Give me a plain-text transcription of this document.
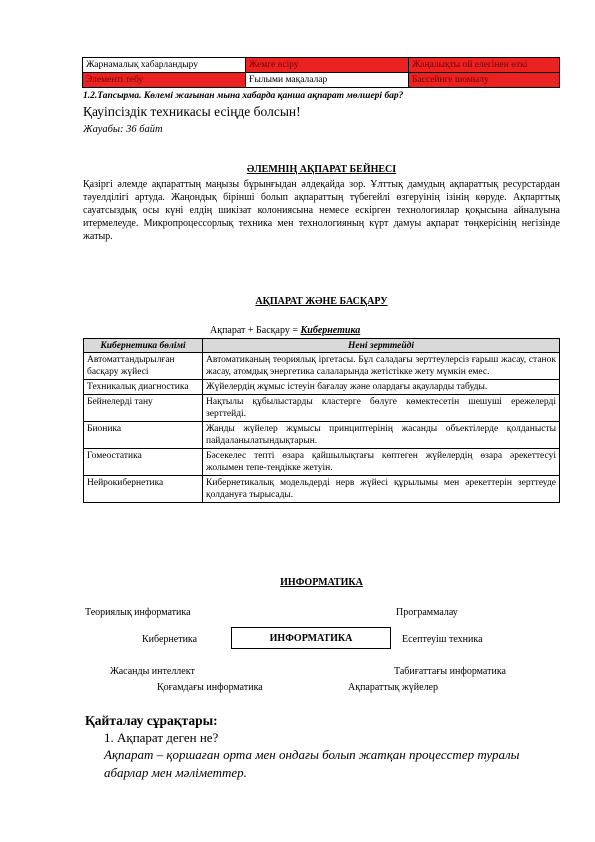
Жарнамалық хабарландыру	Жемге өсіру	Жаңалықты ой елегінен өткі
Элементі тебу	Ғылыми мақалалар	Бассейнге шомылу
1.2.Тапсырма. Көлемі жағынан мына хабарда қанша ақпарат мөлшері бар?
Қауіпсіздік техникасы есіңде болсын!
Жауабы: 36 байт
ӘЛЕМНІҢ АҚПАРАТ БЕЙНЕСІ
Қазіргі әлемде ақпараттың маңызы бұрынғыдан әлдеқайда зор. Ұлттық дамудың ақпараттық ресурстардан тәуелділігі артуда. Жаңондық бірінші болып ақпараттың түбегейлі өзгеруінің ізінің көруде. Ақпарттық сауатсыздық осы күні елдің шикізат колониясына немесе ескірген технологиялар қоқысына айналуына итермелеуде. Микропроцессорлық техника мен технологияның күрт дамуы ақпарат төңкерісінің негізінде жатыр.
АҚПАРАТ ЖӘНЕ БАСҚАРУ
Ақпарат + Басқару = Кибернетика
Кибернетика бөлімі	Нені зерттейді
Автоматтандырылған басқару жүйесі	Автоматиканың теориялық іргетасы. Бұл саладағы зерттеулерсіз ғарыш жасау, станок жасау, атомдық энергетика салаларында жетістікке жету мүмкін емес.
Техникалық диагностика	Жүйелердің жұмыс істеуін бағалау және олардағы ақауларды табуды.
Бейнелерді тану	Нақтылы құбылыстарды кластерге бөлуге көмектесетін шешуші ережелерді зерттейді.
Бионика	Жанды жүйелер жұмысы принциптерінің жасанды объектілерде қолданысты пайдаланылатындықтарын.
Гомеостатика	Бәсекелес тепті өзара қайшылықтағы көптеген жүйелердің өзара әрекеттесуі жолымен тепе-теңдікке жетуін.
Нейрокибернетика	Кибернетикалық модельдерді нерв жүйесі құрылымы мен әрекеттерін зерттеуде қолдануға тырысады.
ИНФОРМАТИКА
Теориялық информатика	Программалау
Кибернетика	ИНФОРМАТИКА	Есептеуіш техника
Жасанды интеллект	Табиғаттағы информатика
Қоғамдағы информатика	Ақпараттық жүйелер
Қайталау сұрақтары:
1. Ақпарат деген не?
Ақпарат – қоршаған орта мен ондағы болып жатқан процесстер туралы абарлар мен мәліметтер.
